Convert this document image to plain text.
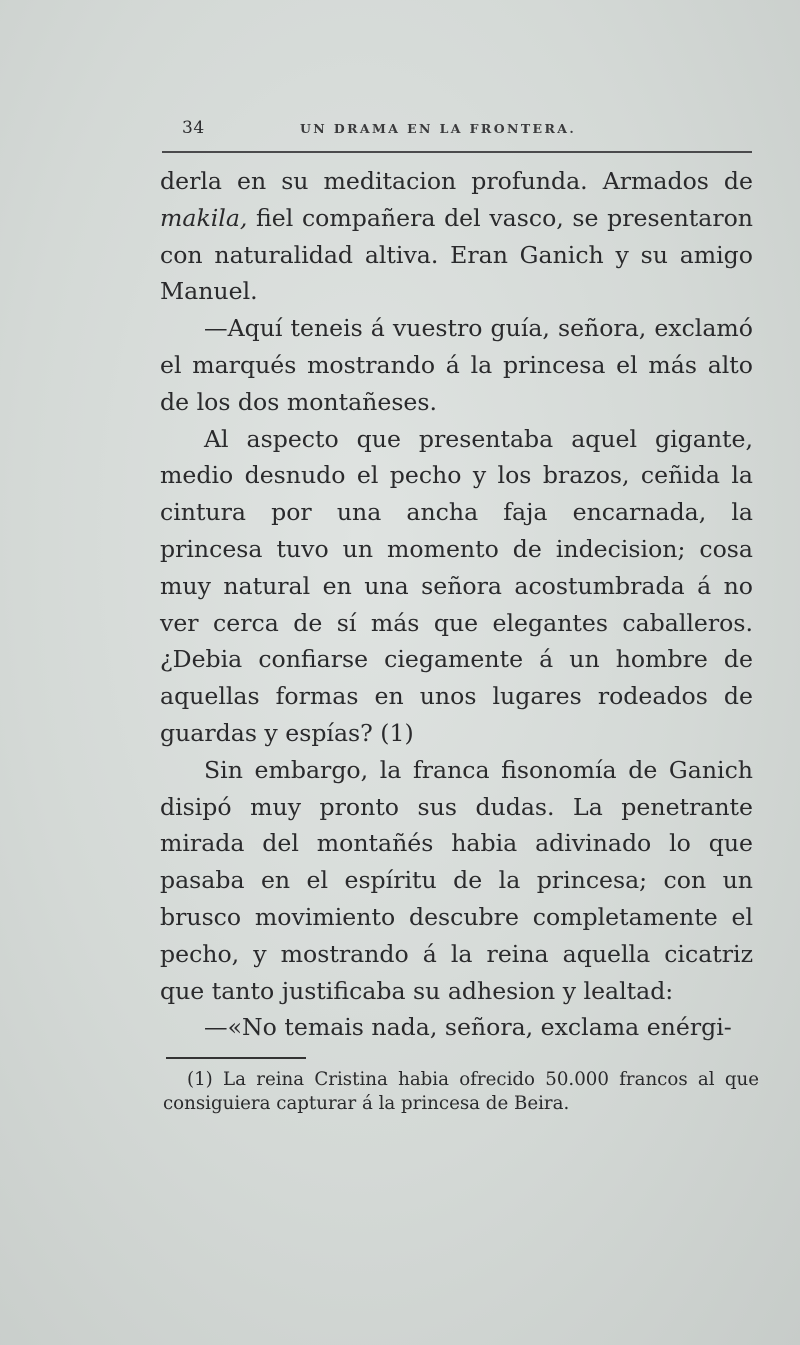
34	UN DRAMA EN LA FRONTERA.

derla en su meditacion profunda. Armados de makila, fiel compañera del vasco, se presentaron con naturalidad altiva. Eran Ganich y su amigo Manuel.

—Aquí teneis á vuestro guía, señora, exclamó el marqués mostrando á la princesa el más alto de los dos montañeses.

Al aspecto que presentaba aquel gigante, medio desnudo el pecho y los brazos, ceñida la cintura por una ancha faja encarnada, la princesa tuvo un momento de indecision; cosa muy natural en una señora acostumbrada á no ver cerca de sí más que elegantes caballeros. ¿Debia confiarse ciegamente á un hombre de aquellas formas en unos lugares rodeados de guardas y espías? (1)

Sin embargo, la franca fisonomía de Ganich disipó muy pronto sus dudas. La penetrante mirada del montañés habia adivinado lo que pasaba en el espíritu de la princesa; con un brusco movimiento descubre completamente el pecho, y mostrando á la reina aquella cicatriz que tanto justificaba su adhesion y lealtad:

—«No temais nada, señora, exclama enérgi-

(1) La reina Cristina habia ofrecido 50.000 francos al que consiguiera capturar á la princesa de Beira.
